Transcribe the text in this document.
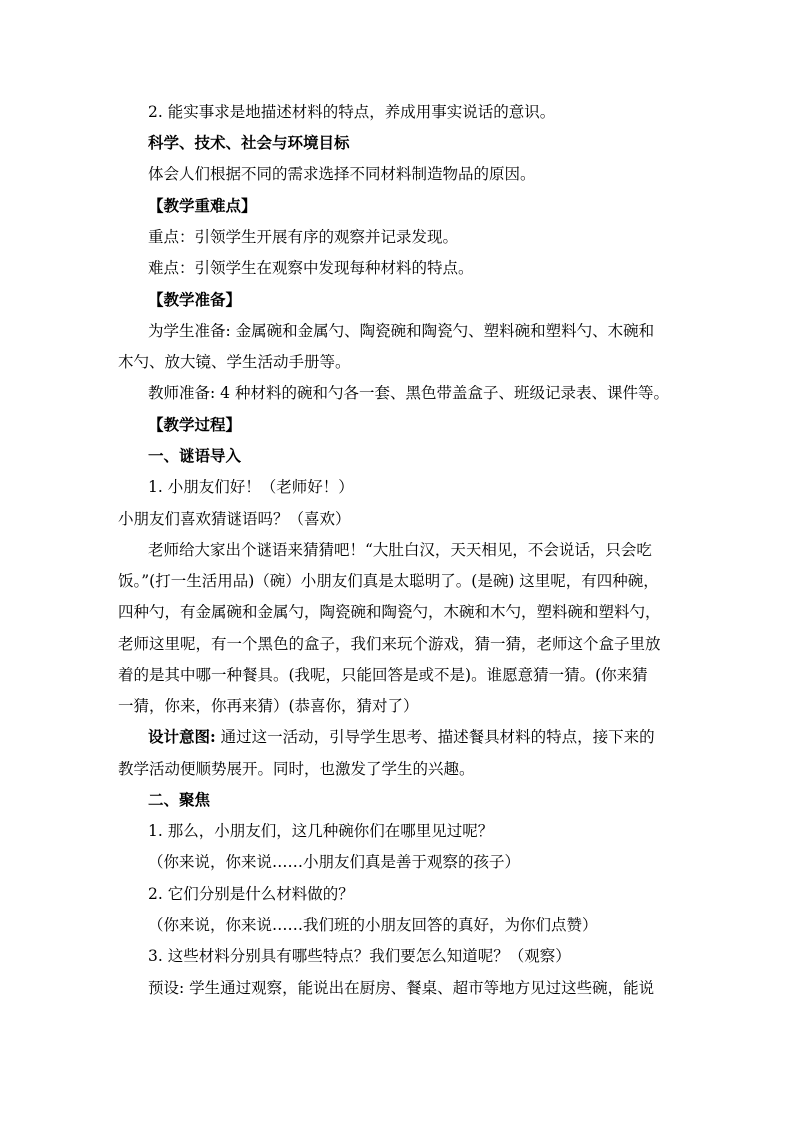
2. 能实事求是地描述材料的特点，养成用事实说话的意识。
科学、技术、社会与环境目标
体会人们根据不同的需求选择不同材料制造物品的原因。
【教学重难点】
重点：引领学生开展有序的观察并记录发现。
难点：引领学生在观察中发现每种材料的特点。
【教学准备】
为学生准备: 金属碗和金属勺、陶瓷碗和陶瓷勺、塑料碗和塑料勺、木碗和
木勺、放大镜、学生活动手册等。
教师准备: 4 种材料的碗和勺各一套、黑色带盖盒子、班级记录表、课件等。
【教学过程】
一、谜语导入
1. 小朋友们好！（老师好！）
小朋友们喜欢猜谜语吗？（喜欢）
老师给大家出个谜语来猜猜吧！“大肚白汉，天天相见，不会说话，只会吃
饭。”(打一生活用品)（碗）小朋友们真是太聪明了。(是碗) 这里呢，有四种碗，
四种勺，有金属碗和金属勺，陶瓷碗和陶瓷勺，木碗和木勺，塑料碗和塑料勺，
老师这里呢，有一个黑色的盒子，我们来玩个游戏，猜一猜，老师这个盒子里放
着的是其中哪一种餐具。(我呢，只能回答是或不是)。谁愿意猜一猜。(你来猜
一猜，你来，你再来猜）(恭喜你，猜对了）
设计意图: 通过这一活动，引导学生思考、描述餐具材料的特点，接下来的
教学活动便顺势展开。同时，也激发了学生的兴趣。
二、聚焦
1. 那么，小朋友们，这几种碗你们在哪里见过呢？
（你来说，你来说……小朋友们真是善于观察的孩子）
2. 它们分别是什么材料做的？
（你来说，你来说……我们班的小朋友回答的真好，为你们点赞）
3. 这些材料分别具有哪些特点？我们要怎么知道呢？（观察）
预设: 学生通过观察，能说出在厨房、餐桌、超市等地方见过这些碗，能说
